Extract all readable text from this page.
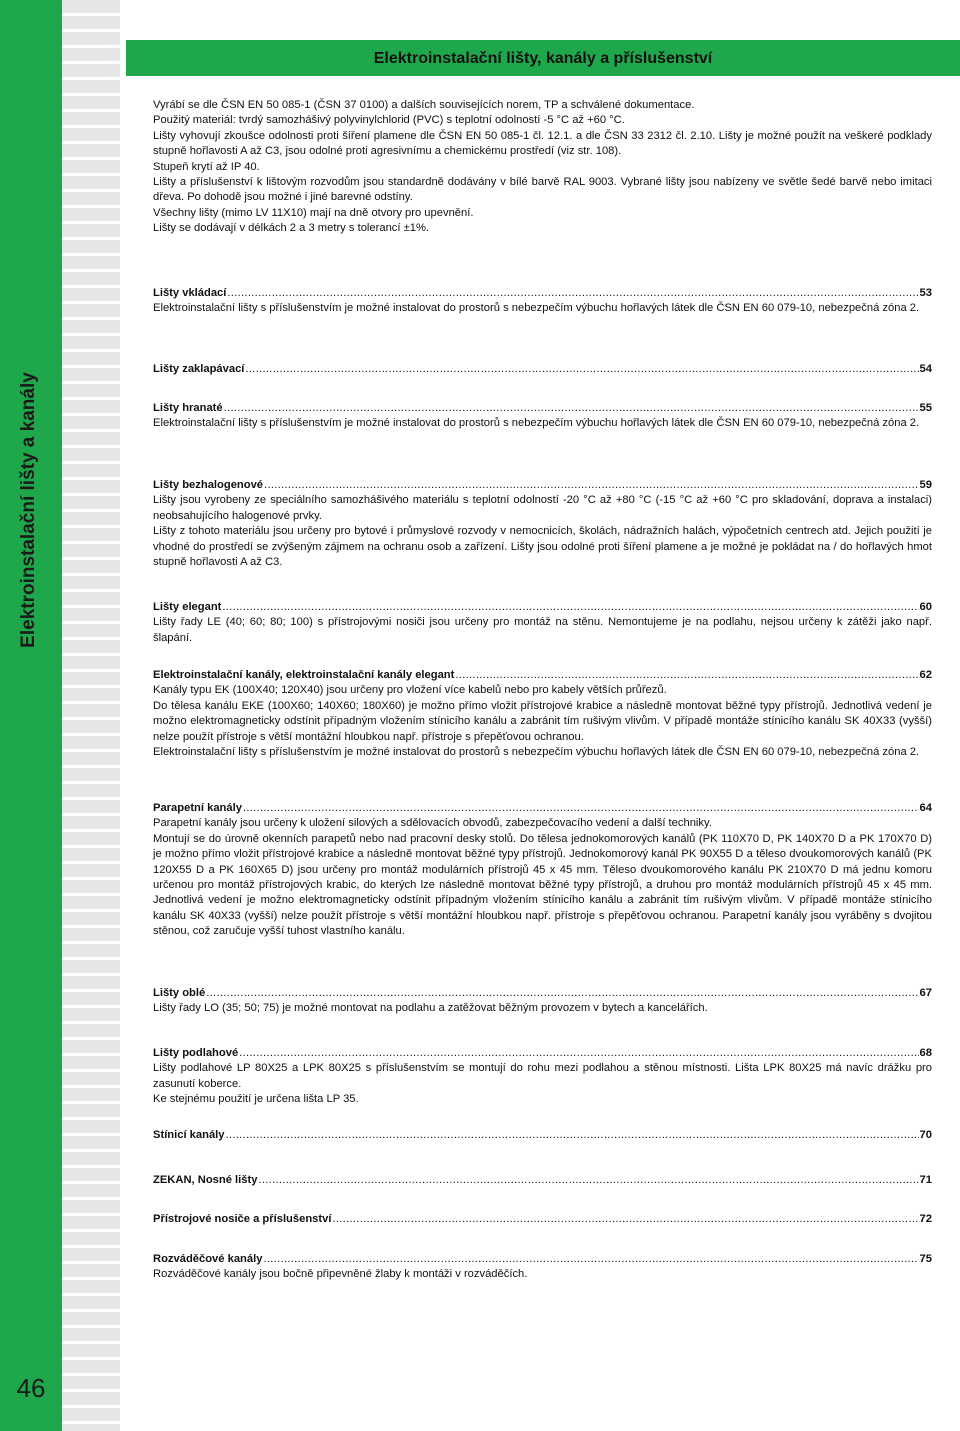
Elektroinstalační lišty a kanály
46
Elektroinstalační lišty, kanály a příslušenství

Vyrábí se dle ČSN EN 50 085-1 (ČSN 37 0100) a dalších souvisejících norem, TP a schválené dokumentace.

Použitý materiál: tvrdý samozhášivý polyvinylchlorid (PVC) s teplotní odolností -5 °C až +60 °C.

Lišty vyhovují zkoušce odolnosti proti šíření plamene dle ČSN EN 50 085-1 čl. 12.1. a dle ČSN 33 2312 čl. 2.10. Lišty je možné použít na veškeré podklady stupně hořlavosti A až C3, jsou odolné proti agresivnímu a chemickému prostředí (viz str. 108).

Stupeň krytí až IP 40.

Lišty a příslušenství k lištovým rozvodům jsou standardně dodávány v bílé barvě RAL 9003. Vybrané lišty jsou nabízeny ve světle šedé barvě nebo imitaci dřeva. Po dohodě jsou možné i jiné barevné odstíny.

Všechny lišty (mimo LV 11X10) mají na dně otvory pro upevnění.

Lišty se dodávají v délkách 2 a 3 metry s tolerancí ±1%.

Lišty vkládací .....	53

Elektroinstalační lišty s příslušenstvím je možné instalovat do prostorů s nebezpečím výbuchu hořlavých látek dle ČSN EN 60 079-10, nebezpečná zóna 2.

Lišty zaklapávací .....	54
Lišty hranaté .....	55

Elektroinstalační lišty s příslušenstvím je možné instalovat do prostorů s nebezpečím výbuchu hořlavých látek dle ČSN EN 60 079-10, nebezpečná zóna 2.

Lišty bezhalogenové .....	59

Lišty jsou vyrobeny ze speciálního samozhášivého materiálu s teplotní odolností -20 °C až +80 °C (-15 °C až +60 °C pro skladování, doprava a instalaci) neobsahujícího halogenové prvky.

Lišty z tohoto materiálu jsou určeny pro bytové i průmyslové rozvody v nemocnicích, školách, nádražních halách, výpočetních centrech atd. Jejich použití je vhodné do prostředí se zvýšeným zájmem na ochranu osob a zařízení. Lišty jsou odolné proti šíření plamene a je možné je pokládat na / do hořlavých hmot stupně hořlavosti A až C3.

Lišty elegant .....	60

Lišty řady LE (40; 60; 80; 100) s přístrojovými nosiči jsou určeny pro montáž na stěnu. Nemontujeme je na podlahu, nejsou určeny k zátěži jako např. šlapání.

Elektroinstalační kanály, elektroinstalační kanály elegant .....	62

Kanály typu EK (100X40; 120X40) jsou určeny pro vložení více kabelů nebo pro kabely větších průřezů.

Do tělesa kanálu EKE (100X60; 140X60; 180X60) je možno přímo vložit přístrojové krabice a následně montovat běžné typy přístrojů. Jednotlivá vedení je možno elektromagneticky odstínit případným vložením stínicího kanálu a zabránit tím rušivým vlivům. V případě montáže stínicího kanálu SK 40X33 (vyšší) nelze použít přístroje s větší montážní hloubkou např. přístroje s přepěťovou ochranou.

Elektroinstalační lišty s příslušenstvím je možné instalovat do prostorů s nebezpečím výbuchu hořlavých látek dle ČSN EN 60 079-10, nebezpečná zóna 2.

Parapetní kanály .....	64

Parapetní kanály jsou určeny k uložení silových a sdělovacích obvodů, zabezpečovacího vedení a další techniky.

Montují se do úrovně okenních parapetů nebo nad pracovní desky stolů. Do tělesa jednokomorových kanálů (PK 110X70 D, PK 140X70 D a PK 170X70 D) je možno přímo vložit přístrojové krabice a následně montovat běžné typy přístrojů. Jednokomorový kanál PK 90X55 D a těleso dvoukomorových kanálů (PK 120X55 D a PK 160X65 D) jsou určeny pro montáž modulárních přístrojů 45 x 45 mm. Těleso dvoukomorového kanálu PK 210X70 D má jednu komoru určenou pro montáž přístrojových krabic, do kterých lze následně montovat běžné typy přístrojů, a druhou pro montáž modulárních přístrojů 45 x 45 mm. Jednotlivá vedení je možno elektromagneticky odstínit případným vložením stínicího kanálu a zabránit tím rušivým vlivům. V případě montáže stínicího kanálu SK 40X33 (vyšší) nelze použít přístroje s větší montážní hloubkou např. přístroje s přepěťovou ochranou. Parapetní kanály jsou vyráběny s dvojitou stěnou, což zaručuje vyšší tuhost vlastního kanálu.

Lišty oblé .....	67

Lišty řady LO (35; 50; 75) je možné montovat na podlahu a zatěžovat běžným provozem v bytech a kancelářích.

Lišty podlahové .....	68

Lišty podlahové LP 80X25 a LPK 80X25 s příslušenstvím se montují do rohu mezi podlahou a stěnou místnosti. Lišta LPK 80X25 má navíc drážku pro zasunutí koberce.

Ke stejnému použití je určena lišta LP 35.

Stínicí kanály .....	70
ZEKAN, Nosné lišty .....	71
Přístrojové nosiče a příslušenství .....	72
Rozváděčové kanály .....	75

Rozváděčové kanály jsou bočně připevněné žlaby k montáži v rozváděčích.
